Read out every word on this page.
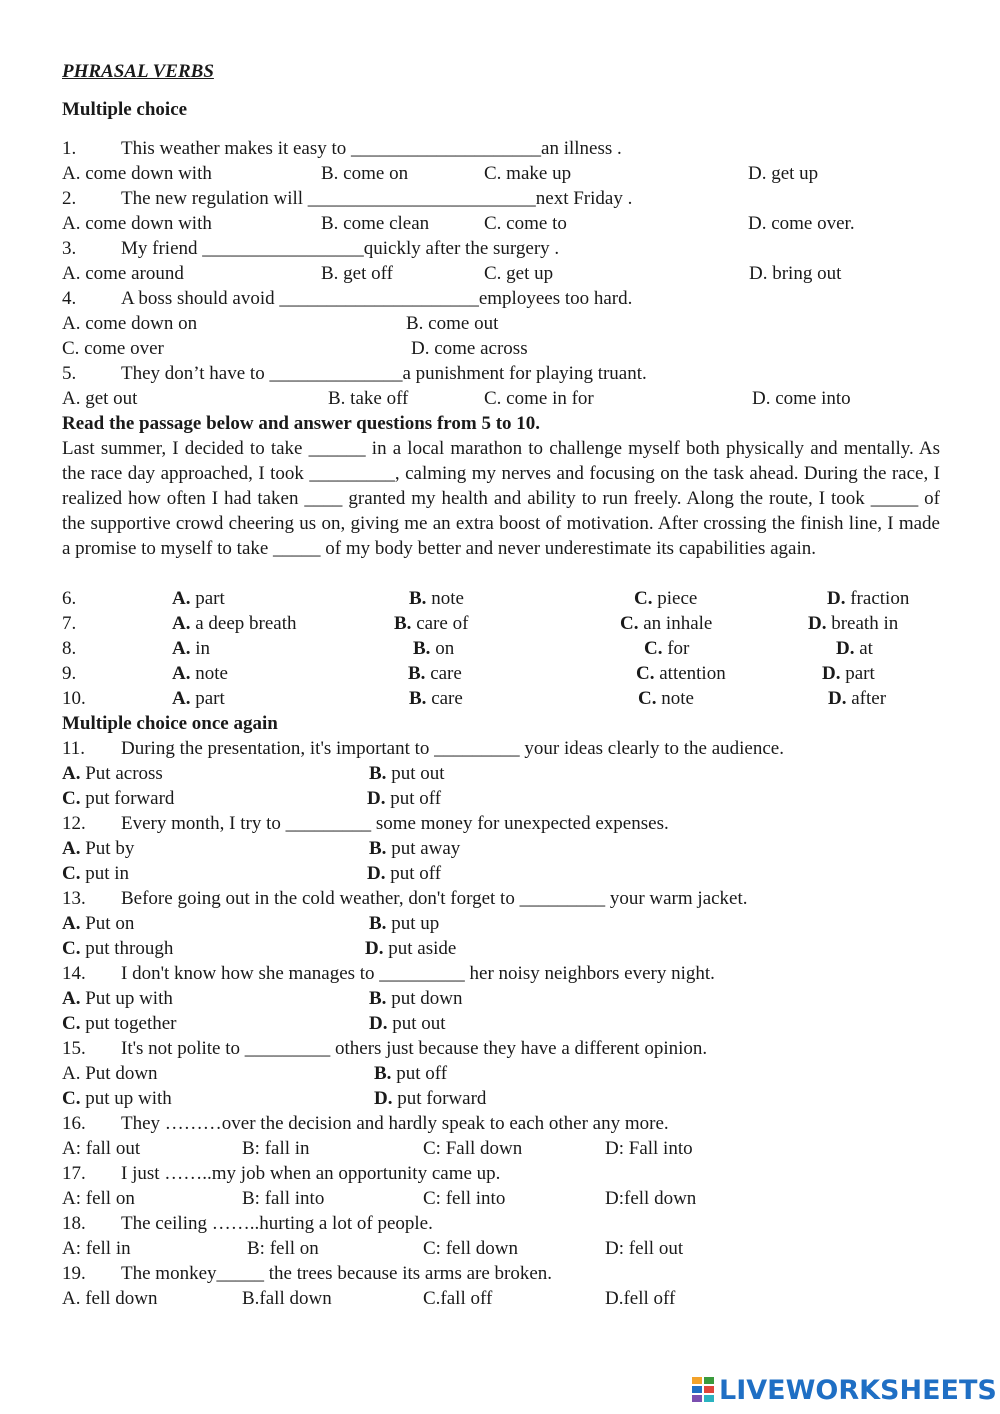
PHRASAL VERBS
Multiple choice
1. This weather makes it easy to ____________________an illness .
A. come down with	B. come on	C. make up	D. get up
2. The new regulation will ________________________next Friday .
A. come down with	B. come clean	C. come to	D. come over.
3. My friend _________________quickly after the surgery .
A. come around	B. get off	C. get up	D. bring out
4. A boss should avoid _____________________employees too hard.
A. come down on	B. come out
C. come over	D. come across
5. They don’t have to ______________a punishment for playing truant.
A. get out	B. take off	C. come in for	D. come into
Read the passage below and answer questions from 5 to 10.
Last summer, I decided to take ______ in a local marathon to challenge myself both physically and mentally. As the race day approached, I took _________, calming my nerves and focusing on the task ahead. During the race, I realized how often I had taken ____ granted my health and ability to run freely. Along the route, I took _____ of the supportive crowd cheering us on, giving me an extra boost of motivation. After crossing the finish line, I made a promise to myself to take _____ of my body better and never underestimate its capabilities again.
6.	A. part	B. note	C. piece	D. fraction
7.	A. a deep breath	B. care of	C. an inhale	D. breath in
8.	A. in	B. on	C. for	D. at
9.	A. note	B. care	C. attention	D. part
10.	A. part	B. care	C. note	D. after
Multiple choice once again
11. During the presentation, it's important to _________ your ideas clearly to the audience.
A. Put across	B. put out
C. put forward	D. put off
12. Every month, I try to _________ some money for unexpected expenses.
A. Put by	B. put away
C. put in	D. put off
13. Before going out in the cold weather, don't forget to _________ your warm jacket.
A. Put on	B. put up
C. put through	D. put aside
14. I don't know how she manages to _________ her noisy neighbors every night.
A. Put up with	B. put down
C. put together	D. put out
15. It's not polite to _________ others just because they have a different opinion.
A. Put down	B. put off
C. put up with	D. put forward
16. They ………over the decision and hardly speak to each other any more.
A: fall out	B: fall in	C: Fall down	D: Fall into
17. I just ……..my job when an opportunity came up.
A: fell on	B: fall into	C: fell into	D:fell down
18. The ceiling ……..hurting a lot of people.
A: fell in	B: fell on	C: fell down	D: fell out
19. The monkey_____ the trees because its arms are broken.
A. fell down	B.fall down	C.fall off	D.fell off
LIVEWORKSHEETS
